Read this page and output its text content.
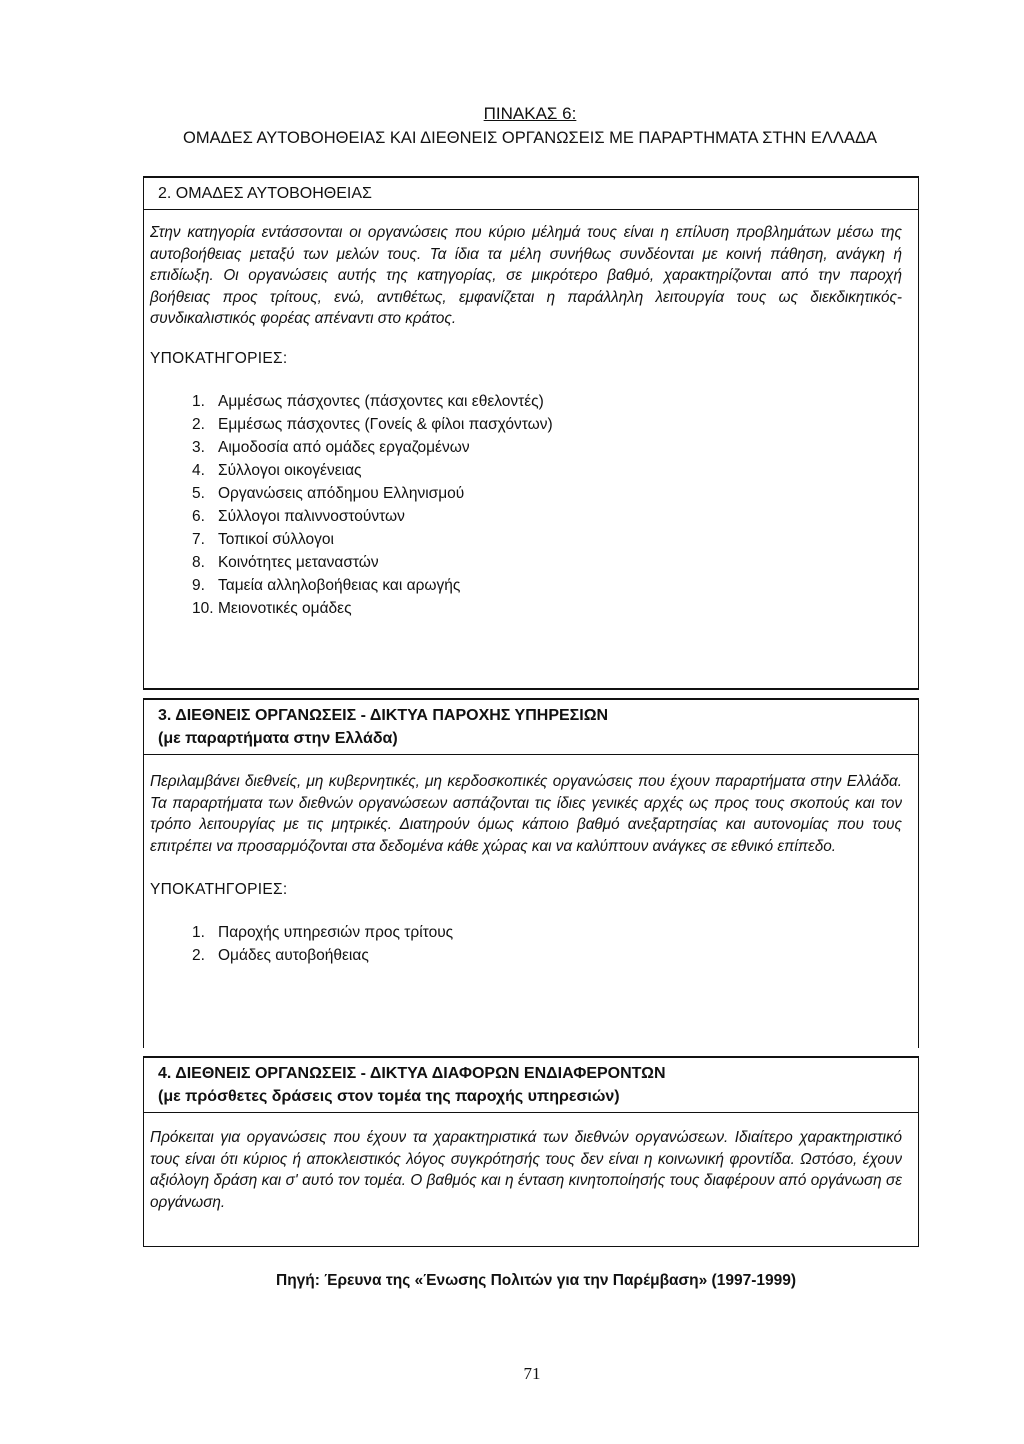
ΠΙΝΑΚΑΣ 6:
ΟΜΑΔΕΣ ΑΥΤΟΒΟΗΘΕΙΑΣ ΚΑΙ ΔΙΕΘΝΕΙΣ ΟΡΓΑΝΩΣΕΙΣ ΜΕ ΠΑΡΑΡΤΗΜΑΤΑ ΣΤΗΝ ΕΛΛΑΔΑ
2. ΟΜΑΔΕΣ ΑΥΤΟΒΟΗΘΕΙΑΣ
Στην κατηγορία εντάσσονται οι οργανώσεις που κύριο μέλημά τους είναι η επίλυση προβλημάτων μέσω της αυτοβοήθειας μεταξύ των μελών τους. Τα ίδια τα μέλη συνήθως συνδέονται με κοινή πάθηση, ανάγκη ή επιδίωξη. Οι οργανώσεις αυτής της κατηγορίας, σε μικρότερο βαθμό, χαρακτηρίζονται από την παροχή βοήθειας προς τρίτους, ενώ, αντιθέτως, εμφανίζεται η παράλληλη λειτουργία τους ως διεκδικητικός-συνδικαλιστικός φορέας απέναντι στο κράτος.
ΥΠΟΚΑΤΗΓΟΡΙΕΣ:
1. Αμμέσως πάσχοντες (πάσχοντες και εθελοντές)
2. Εμμέσως πάσχοντες (Γονείς & φίλοι πασχόντων)
3. Αιμοδοσία από ομάδες εργαζομένων
4. Σύλλογοι οικογένειας
5. Οργανώσεις απόδημου Ελληνισμού
6. Σύλλογοι παλιννοστούντων
7. Τοπικοί σύλλογοι
8. Κοινότητες μεταναστών
9. Ταμεία αλληλοβοήθειας και αρωγής
10. Μειονοτικές ομάδες
3. ΔΙΕΘΝΕΙΣ ΟΡΓΑΝΩΣΕΙΣ - ΔΙΚΤΥΑ ΠΑΡΟΧΗΣ ΥΠΗΡΕΣΙΩΝ
(με παραρτήματα στην Ελλάδα)
Περιλαμβάνει διεθνείς, μη κυβερνητικές, μη κερδοσκοπικές οργανώσεις που έχουν παραρτήματα στην Ελλάδα. Τα παραρτήματα των διεθνών οργανώσεων ασπάζονται τις ίδιες γενικές αρχές ως προς τους σκοπούς και τον τρόπο λειτουργίας με τις μητρικές. Διατηρούν όμως κάποιο βαθμό ανεξαρτησίας και αυτονομίας που τους επιτρέπει να προσαρμόζονται στα δεδομένα κάθε χώρας και να καλύπτουν ανάγκες σε εθνικό επίπεδο.
ΥΠΟΚΑΤΗΓΟΡΙΕΣ:
1. Παροχής υπηρεσιών προς τρίτους
2. Ομάδες αυτοβοήθειας
4. ΔΙΕΘΝΕΙΣ ΟΡΓΑΝΩΣΕΙΣ - ΔΙΚΤΥΑ ΔΙΑΦΟΡΩΝ ΕΝΔΙΑΦΕΡΟΝΤΩΝ
(με πρόσθετες δράσεις στον τομέα της παροχής υπηρεσιών)
Πρόκειται για οργανώσεις που έχουν τα χαρακτηριστικά των διεθνών οργανώσεων. Ιδιαίτερο χαρακτηριστικό τους είναι ότι κύριος ή αποκλειστικός λόγος συγκρότησής τους δεν είναι η κοινωνική φροντίδα. Ωστόσο, έχουν αξιόλογη δράση και σ' αυτό τον τομέα. Ο βαθμός και η ένταση κινητοποίησής τους διαφέρουν από οργάνωση σε οργάνωση.
Πηγή: Έρευνα της «Ένωσης Πολιτών για την Παρέμβαση» (1997-1999)
71
